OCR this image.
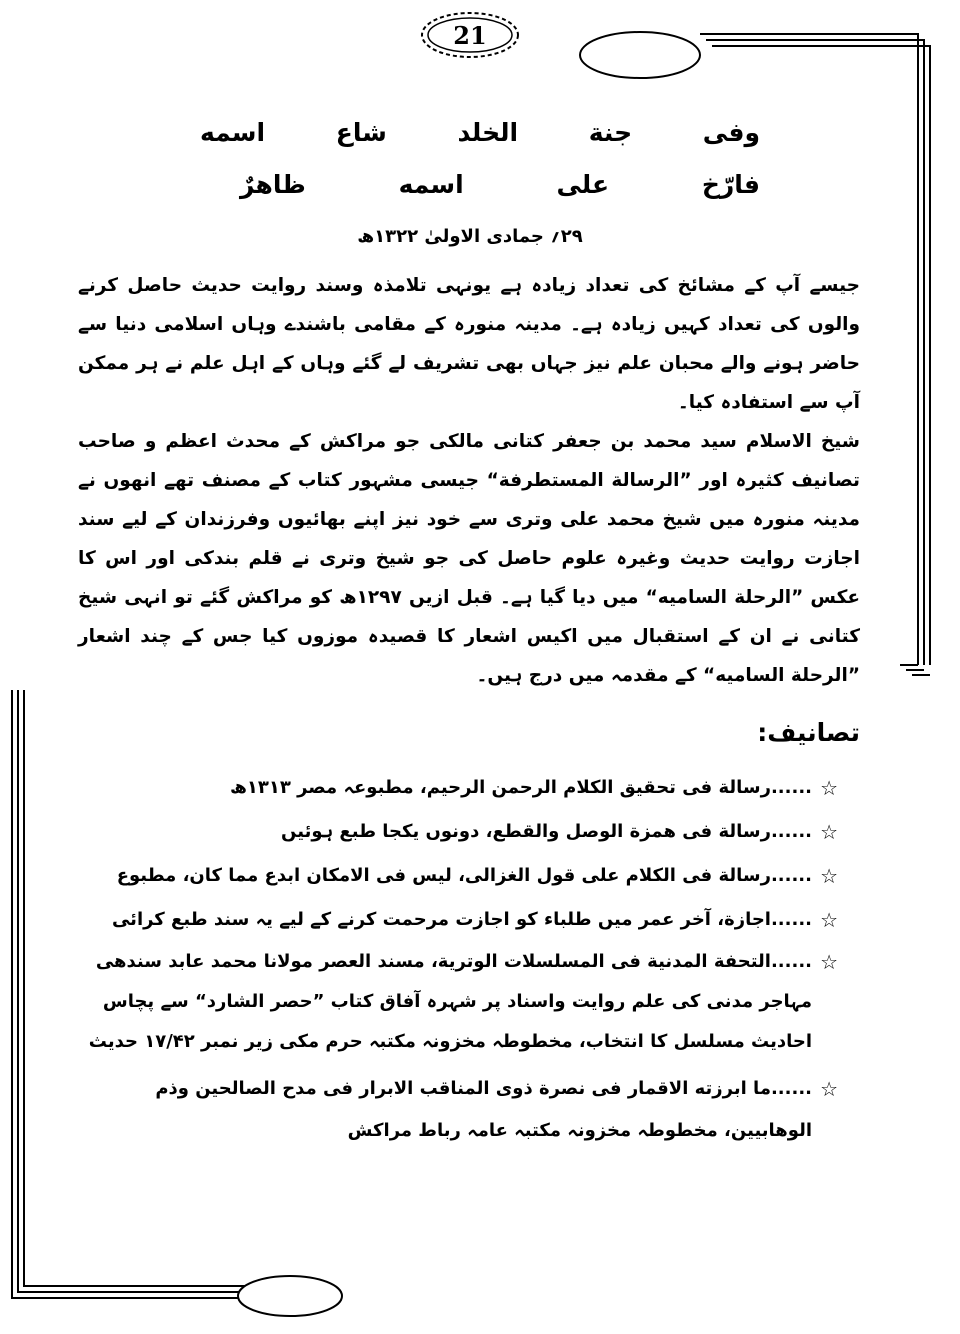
21
وفی
جنة
الخلد
شاع
اسمه
فارّخ
علی
اسمه
ظاهرٌ
۲۹؍ جمادی الاولیٰ ۱۳۲۲ھ

جیسے آپ کے مشائخ کی تعداد زیادہ ہے یونہی تلامذہ وسند روایت حدیث حاصل کرنے والوں کی تعداد کہیں زیادہ ہے۔ مدینہ منورہ کے مقامی باشندے وہاں اسلامی دنیا سے حاضر ہونے والے محبان علم نیز جہاں بھی تشریف لے گئے وہاں کے اہل علم نے ہر ممکن آپ سے استفادہ کیا۔

شیخ الاسلام سید محمد بن جعفر کتانی مالکی جو مراکش کے محدث اعظم و صاحب تصانیف کثیرہ اور ”الرسالة المستطرفة“ جیسی مشہور کتاب کے مصنف تھے انھوں نے مدینہ منورہ میں شیخ محمد علی وتری سے خود نیز اپنے بھائیوں وفرزندان کے لیے سند اجازت روایت حدیث وغیرہ علوم حاصل کی جو شیخ وتری نے قلم بندکی اور اس کا عکس ”الرحلة السامیه“ میں دیا گیا ہے۔ قبل ازیں ۱۲۹۷ھ کو مراکش گئے تو انہی شیخ کتانی نے ان کے استقبال میں اکیس اشعار کا قصیدہ موزوں کیا جس کے چند اشعار ”الرحلة السامیه“ کے مقدمہ میں درج ہیں۔

تصانیف:
☆
......رسالة فی تحقیق الکلام الرحمن الرحیم، مطبوعہ مصر ۱۳۱۳ھ
☆
......رسالة فی همزة الوصل والقطع، دونوں یکجا طبع ہوئیں
☆
......رسالة فی الکلام علی قول الغزالی، لیس فی الامکان ابدع مما کان، مطبوع
☆
......اجازة، آخر عمر میں طلباء کو اجازت مرحمت کرنے کے لیے یہ سند طبع کرائی
☆
......التحفة المدنیة فی المسلسلات الوتریة، مسند العصر مولانا محمد عابد سندھی مہاجر مدنی کی علم روایت واسناد پر شہرہ آفاق کتاب ”حصر الشارد“ سے پچاس احادیث مسلسل کا انتخاب، مخطوطہ مخزونہ مکتبہ حرم مکی زیر نمبر ۱۷/۴۲ حدیث
☆
......ما ابرزته الاقمار فی نصرة ذوی المناقب الابرار فی مدح الصالحین وذم الوهابیین، مخطوطہ مخزونہ مکتبہ عامہ رباط مراکش
